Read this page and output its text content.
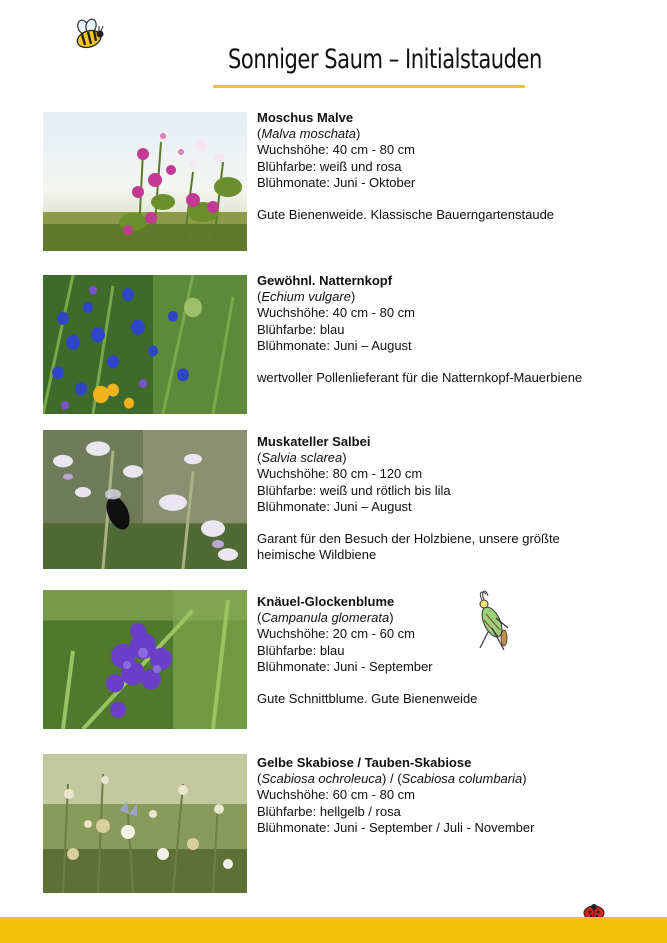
Sonniger Saum – Initialstauden
Moschus Malve
(Malva moschata)
Wuchshöhe: 40 cm - 80 cm
Blühfarbe: weiß und rosa
Blühmonate: Juni - Oktober
Gute Bienenweide. Klassische Bauerngartenstaude
Gewöhnl. Natternkopf
(Echium vulgare)
Wuchshöhe: 40 cm - 80 cm
Blühfarbe: blau
Blühmonate: Juni – August
wertvoller Pollenlieferant für die Natternkopf-Mauerbiene
Muskateller Salbei
(Salvia sclarea)
Wuchshöhe: 80 cm - 120 cm
Blühfarbe: weiß und rötlich bis lila
Blühmonate: Juni – August
Garant für den Besuch der Holzbiene, unsere größte heimische Wildbiene
Knäuel-Glockenblume
(Campanula glomerata)
Wuchshöhe: 20 cm - 60 cm
Blühfarbe: blau
Blühmonate: Juni - September
Gute Schnittblume. Gute Bienenweide
Gelbe Skabiose / Tauben-Skabiose
(Scabiosa ochroleuca) / (Scabiosa columbaria)
Wuchshöhe: 60 cm - 80 cm
Blühfarbe: hellgelb / rosa
Blühmonate: Juni - September / Juli - November
